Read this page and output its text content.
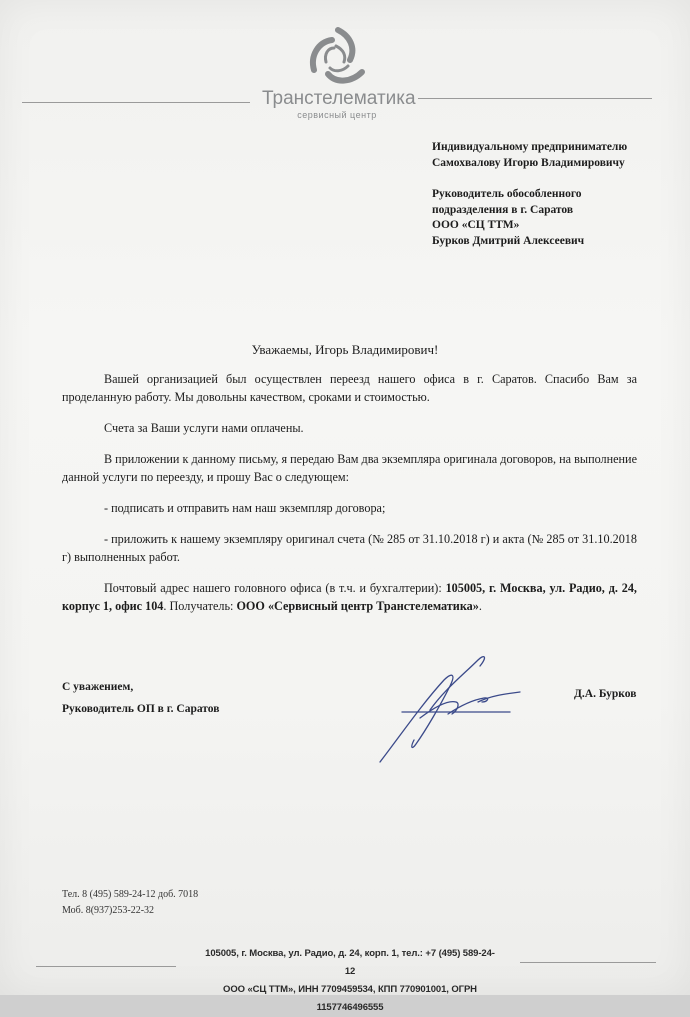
Транстелематика
сервисный центр
Индивидуальному предпринимателю
Самохвалову Игорю Владимировичу
Руководитель обособленного
подразделения в г. Саратов
ООО «СЦ ТТМ»
Бурков Дмитрий Алексеевич
Уважаемы, Игорь Владимирович!

Вашей организацией был осуществлен переезд нашего офиса в г. Саратов. Спасибо Вам за проделанную работу. Мы довольны качеством, сроками и стоимостью.

Счета за Ваши услуги нами оплачены.

В приложении к данному письму, я передаю Вам два экземпляра оригинала договоров, на выполнение данной услуги по переезду, и прошу Вас о следующем:

- подписать и отправить нам наш экземпляр договора;

- приложить к нашему экземпляру оригинал счета (№ 285 от 31.10.2018 г) и акта (№ 285 от 31.10.2018 г) выполненных работ.

Почтовый адрес нашего головного офиса (в т.ч. и бухгалтерии): 105005, г. Москва, ул. Радио, д. 24, корпус 1, офис 104. Получатель: ООО «Сервисный центр Транстелематика».

С уважением,
Руководитель ОП в г. Саратов
Д.А. Бурков
Тел. 8 (495) 589-24-12 доб. 7018
Моб. 8(937)253-22-32
105005, г. Москва, ул. Радио, д. 24, корп. 1, тел.: +7 (495) 589-24-12
ООО «СЦ ТТМ», ИНН 7709459534, КПП 770901001, ОГРН 1157746496555
